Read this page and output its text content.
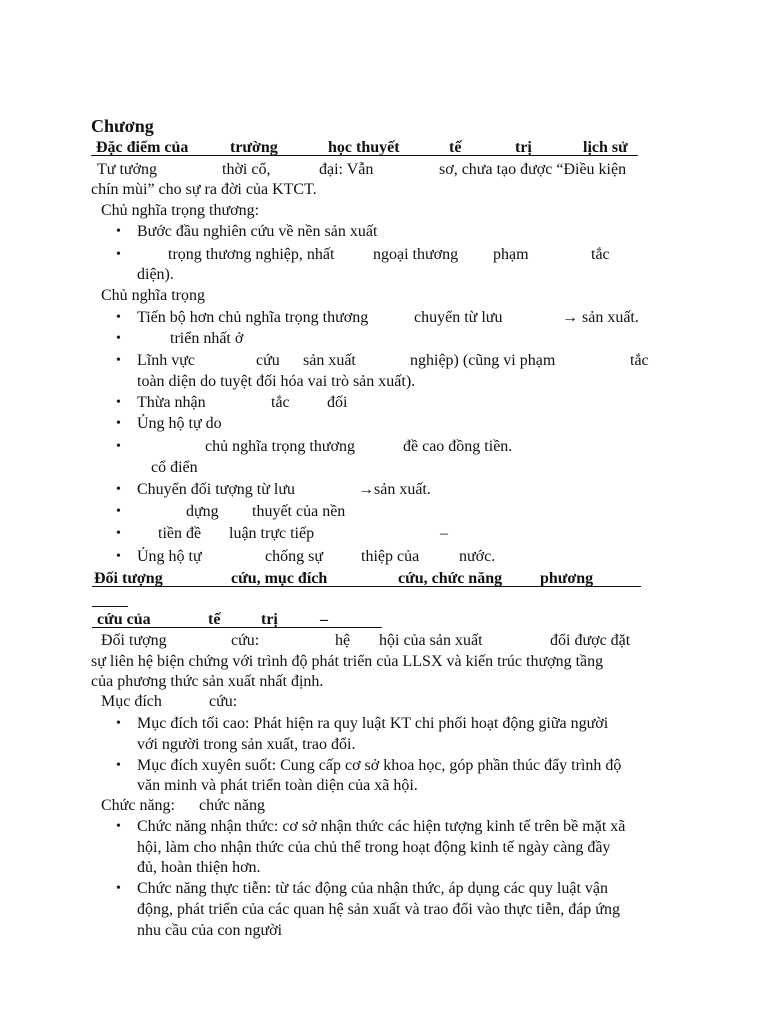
Chương
Đặc điểm của	trường	học thuyết	tế	trị	lịch sử
Tư tưởng	thời cổ,	đại: Vẫn	sơ, chưa tạo được “Điều kiện
chín mùi” cho sự ra đời của KTCT.
Chủ nghĩa trọng thương:
• Bước đầu nghiên cứu về nền sản xuất
•	trọng thương nghiệp, nhất ngoại thương phạm	tắc
diện).
Chủ nghĩa trọng
• Tiến bộ hơn chủ nghĩa trọng thương	chuyển từ lưu	→ sản xuất.
•	triển nhất ở
• Lĩnh vực	cứu sản xuất	nghiệp) (cũng vi phạm	tắc
toàn diện do tuyệt đối hóa vai trò sản xuất).
• Thừa nhận	tắc đối
• Ủng hộ tự do
•	chủ nghĩa trọng thương	đề cao đồng tiền.
cổ điển
• Chuyển đối tượng từ lưu	→sản xuất.
•	dựng thuyết của nền
• tiền đề luận trực tiếp	–
• Ủng hộ tự	chống sự thiệp của nước.
Đối tượng	cứu, mục đích	cứu, chức năng phương
cứu của	tế	trị	–
Đối tượng	cứu:	hệ hội của sản xuất	đổi được đặt
sự liên hệ biện chứng với trình độ phát triển của LLSX và kiến trúc thượng tầng
của phương thức sản xuất nhất định.
Mục đích	cứu:
• Mục đích tối cao: Phát hiện ra quy luật KT chi phối hoạt động giữa người
với người trong sản xuất, trao đổi.
• Mục đích xuyên suốt: Cung cấp cơ sở khoa học, góp phần thúc đẩy trình độ
văn minh và phát triển toàn diện của xã hội.
Chức năng: chức năng
• Chức năng nhận thức: cơ sở nhận thức các hiện tượng kinh tế trên bề mặt xã
hội, làm cho nhận thức của chủ thể trong hoạt động kinh tế ngày càng đầy
đủ, hoàn thiện hơn.
• Chức năng thực tiễn: từ tác động của nhận thức, áp dụng các quy luật vận
động, phát triển của các quan hệ sản xuất và trao đổi vào thực tiễn, đáp ứng
nhu cầu của con người
